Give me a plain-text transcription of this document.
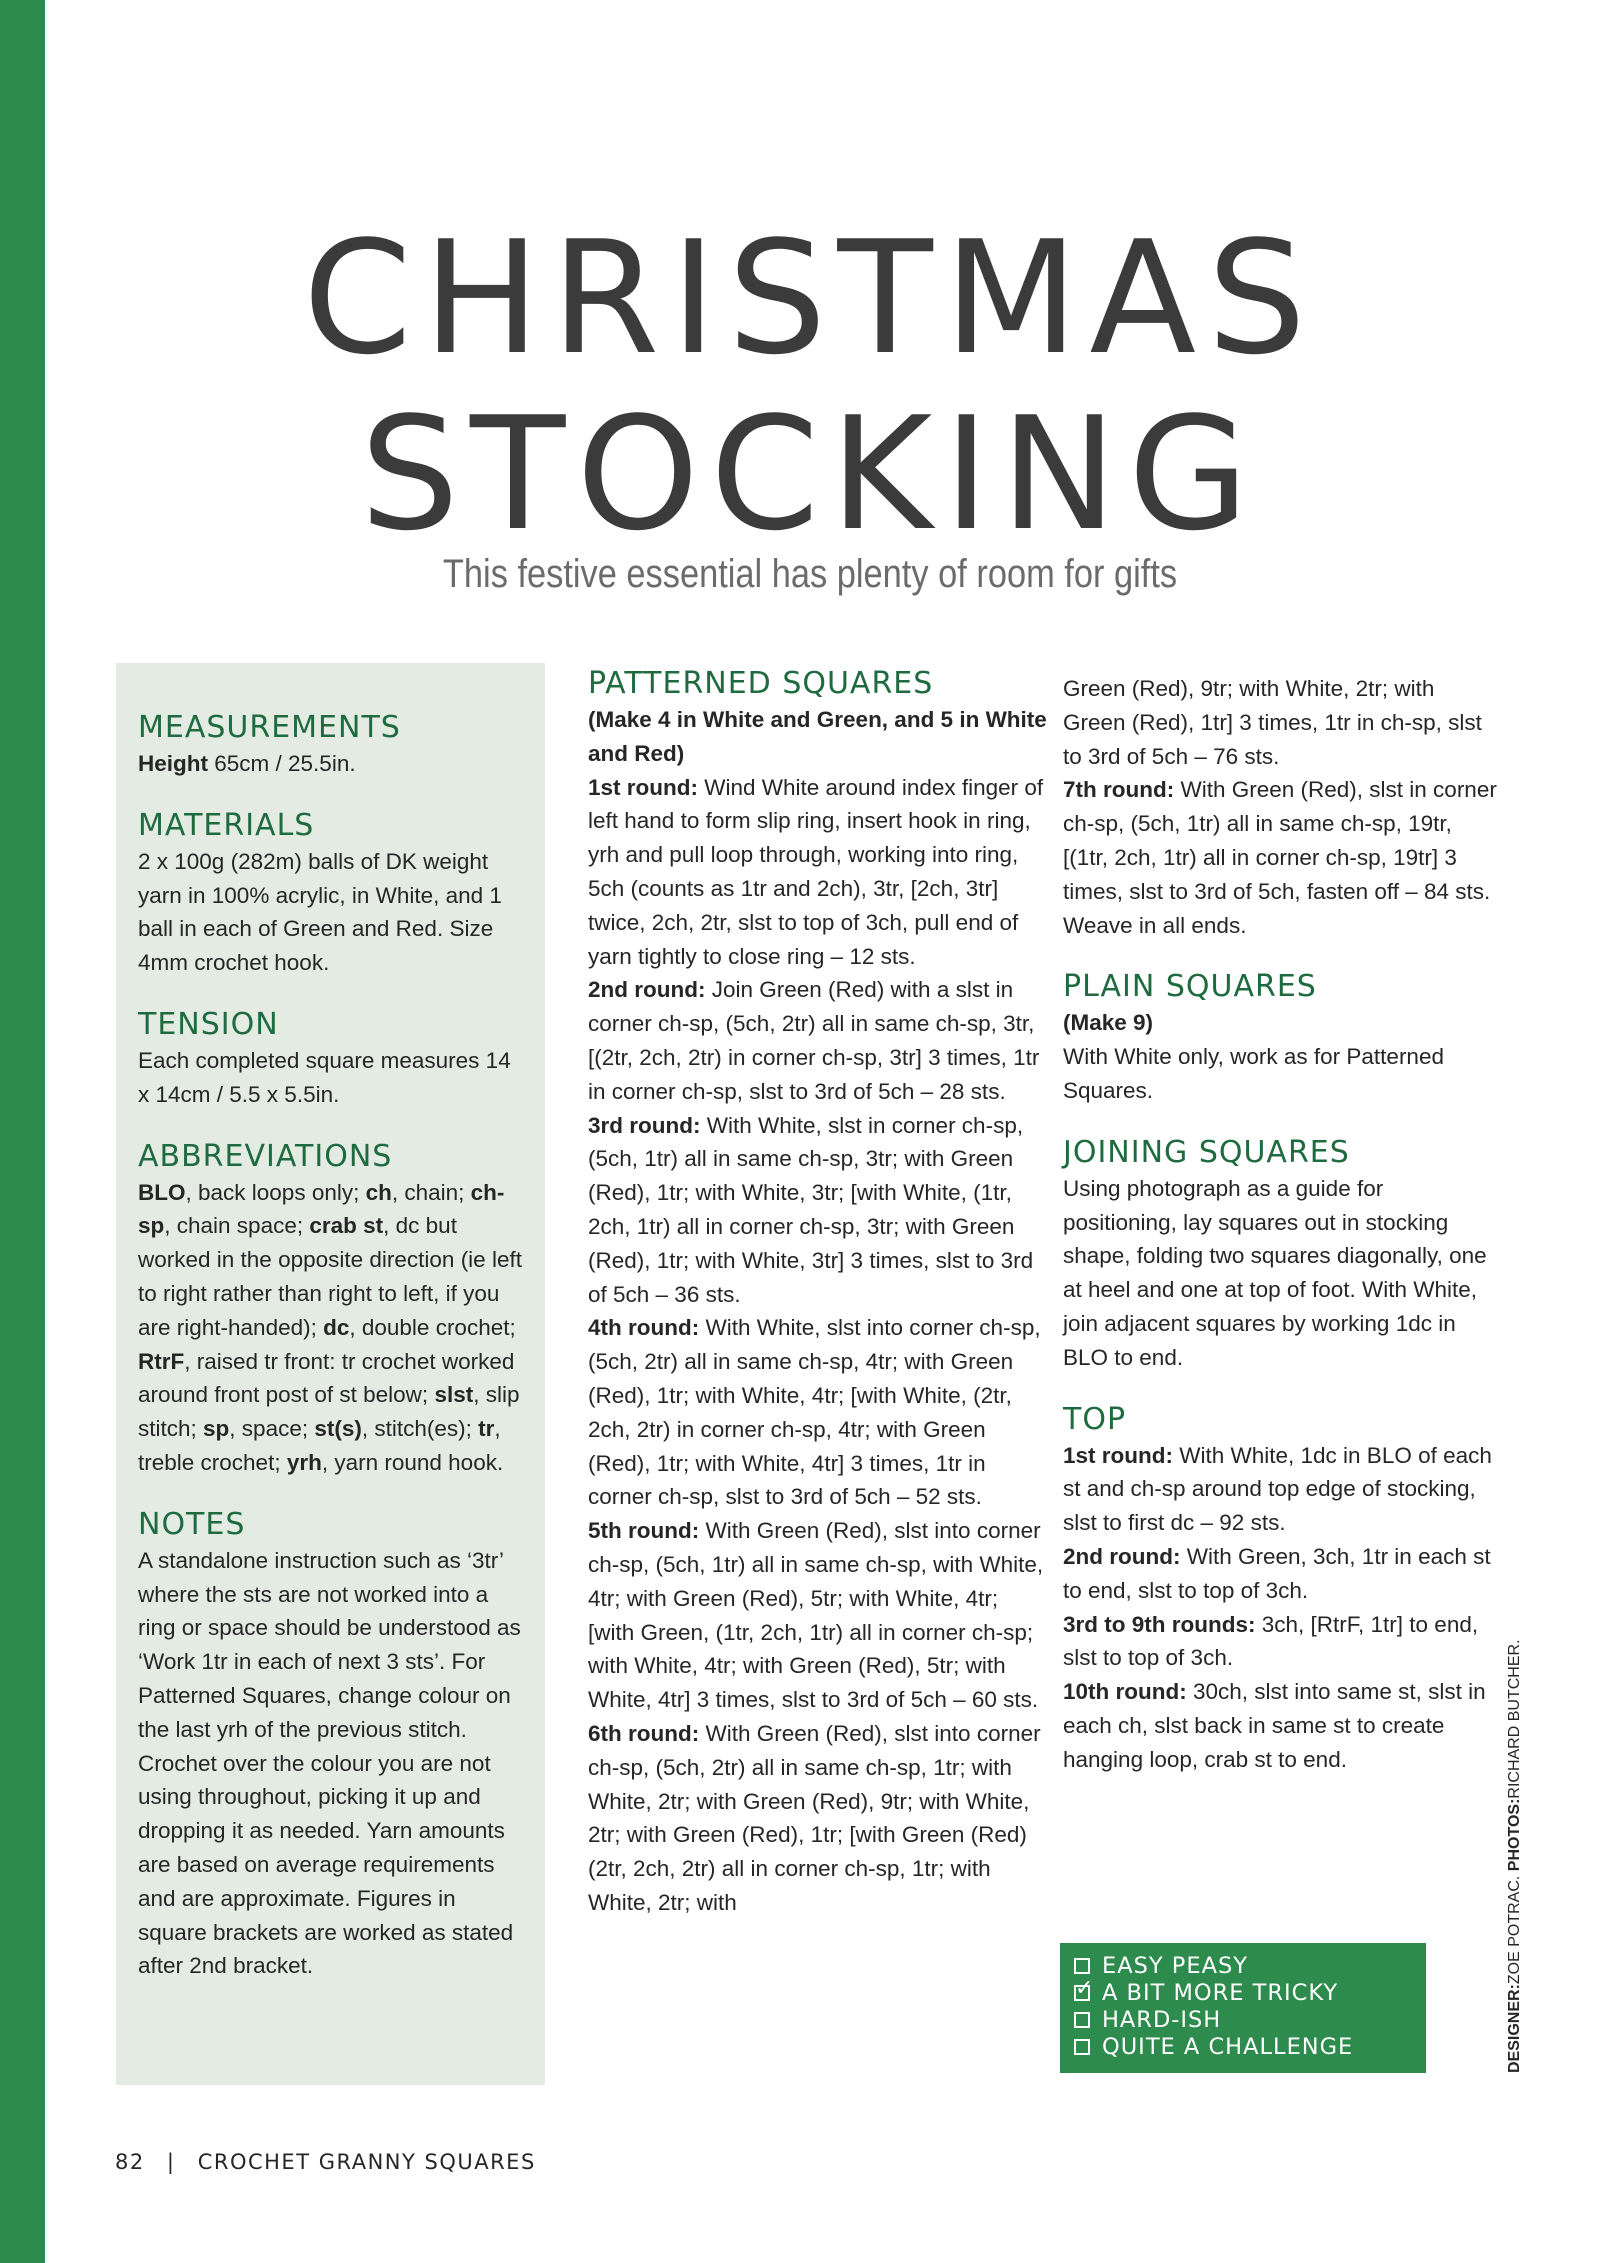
CHRISTMAS
STOCKING
This festive essential has plenty of room for gifts
MEASUREMENTS

Height 65cm / 25.5in.

MATERIALS

2 x 100g (282m) balls of DK weight yarn in 100% acrylic, in White, and 1 ball in each of Green and Red. Size 4mm crochet hook.

TENSION

Each completed square measures 14 x 14cm / 5.5 x 5.5in.

ABBREVIATIONS

BLO, back loops only; ch, chain; ch-sp, chain space; crab st, dc but worked in the opposite direction (ie left to right rather than right to left, if you are right-handed); dc, double crochet; RtrF, raised tr front: tr crochet worked around front post of st below; slst, slip stitch; sp, space; st(s), stitch(es); tr, treble crochet; yrh, yarn round hook.

NOTES

A standalone instruction such as ‘3tr’ where the sts are not worked into a ring or space should be understood as ‘Work 1tr in each of next 3 sts’. For Patterned Squares, change colour on the last yrh of the previous stitch. Crochet over the colour you are not using throughout, picking it up and dropping it as needed. Yarn amounts are based on average requirements and are approximate. Figures in square brackets are worked as stated after 2nd bracket.

PATTERNED SQUARES

(Make 4 in White and Green, and 5 in White and Red)

1st round: Wind White around index finger of left hand to form slip ring, insert hook in ring, yrh and pull loop through, working into ring, 5ch (counts as 1tr and 2ch), 3tr, [2ch, 3tr] twice, 2ch, 2tr, slst to top of 3ch, pull end of yarn tightly to close ring – 12 sts.

2nd round: Join Green (Red) with a slst in corner ch-sp, (5ch, 2tr) all in same ch-sp, 3tr, [(2tr, 2ch, 2tr) in corner ch-sp, 3tr] 3 times, 1tr in corner ch-sp, slst to 3rd of 5ch – 28 sts.

3rd round: With White, slst in corner ch-sp, (5ch, 1tr) all in same ch-sp, 3tr; with Green (Red), 1tr; with White, 3tr; [with White, (1tr, 2ch, 1tr) all in corner ch-sp, 3tr; with Green (Red), 1tr; with White, 3tr] 3 times, slst to 3rd of 5ch – 36 sts.

4th round: With White, slst into corner ch-sp, (5ch, 2tr) all in same ch-sp, 4tr; with Green (Red), 1tr; with White, 4tr; [with White, (2tr, 2ch, 2tr) in corner ch-sp, 4tr; with Green (Red), 1tr; with White, 4tr] 3 times, 1tr in corner ch-sp, slst to 3rd of 5ch – 52 sts.

5th round: With Green (Red), slst into corner ch-sp, (5ch, 1tr) all in same ch-sp, with White, 4tr; with Green (Red), 5tr; with White, 4tr; [with Green, (1tr, 2ch, 1tr) all in corner ch-sp; with White, 4tr; with Green (Red), 5tr; with White, 4tr] 3 times, slst to 3rd of 5ch – 60 sts.

6th round: With Green (Red), slst into corner ch-sp, (5ch, 2tr) all in same ch-sp, 1tr; with White, 2tr; with Green (Red), 9tr; with White, 2tr; with Green (Red), 1tr; [with Green (Red) (2tr, 2ch, 2tr) all in corner ch-sp, 1tr; with White, 2tr; with

Green (Red), 9tr; with White, 2tr; with Green (Red), 1tr] 3 times, 1tr in ch-sp, slst to 3rd of 5ch – 76 sts.

7th round: With Green (Red), slst in corner ch-sp, (5ch, 1tr) all in same ch-sp, 19tr, [(1tr, 2ch, 1tr) all in corner ch-sp, 19tr] 3 times, slst to 3rd of 5ch, fasten off – 84 sts.

Weave in all ends.

PLAIN SQUARES

(Make 9)

With White only, work as for Patterned Squares.

JOINING SQUARES

Using photograph as a guide for positioning, lay squares out in stocking shape, folding two squares diagonally, one at heel and one at top of foot. With White, join adjacent squares by working 1dc in BLO to end.

TOP

1st round: With White, 1dc in BLO of each st and ch-sp around top edge of stocking, slst to first dc – 92 sts.

2nd round: With Green, 3ch, 1tr in each st to end, slst to top of 3ch.

3rd to 9th rounds: 3ch, [RtrF, 1tr] to end, slst to top of 3ch.

10th round: 30ch, slst into same st, slst in each ch, slst back in same st to create hanging loop, crab st to end.

EASY PEASY
✓ A BIT MORE TRICKY
HARD-ISH
QUITE A CHALLENGE	DESIGNER:ZOE POTRAC. PHOTOS:RICHARD BUTCHER.
82 | CROCHET GRANNY SQUARES
